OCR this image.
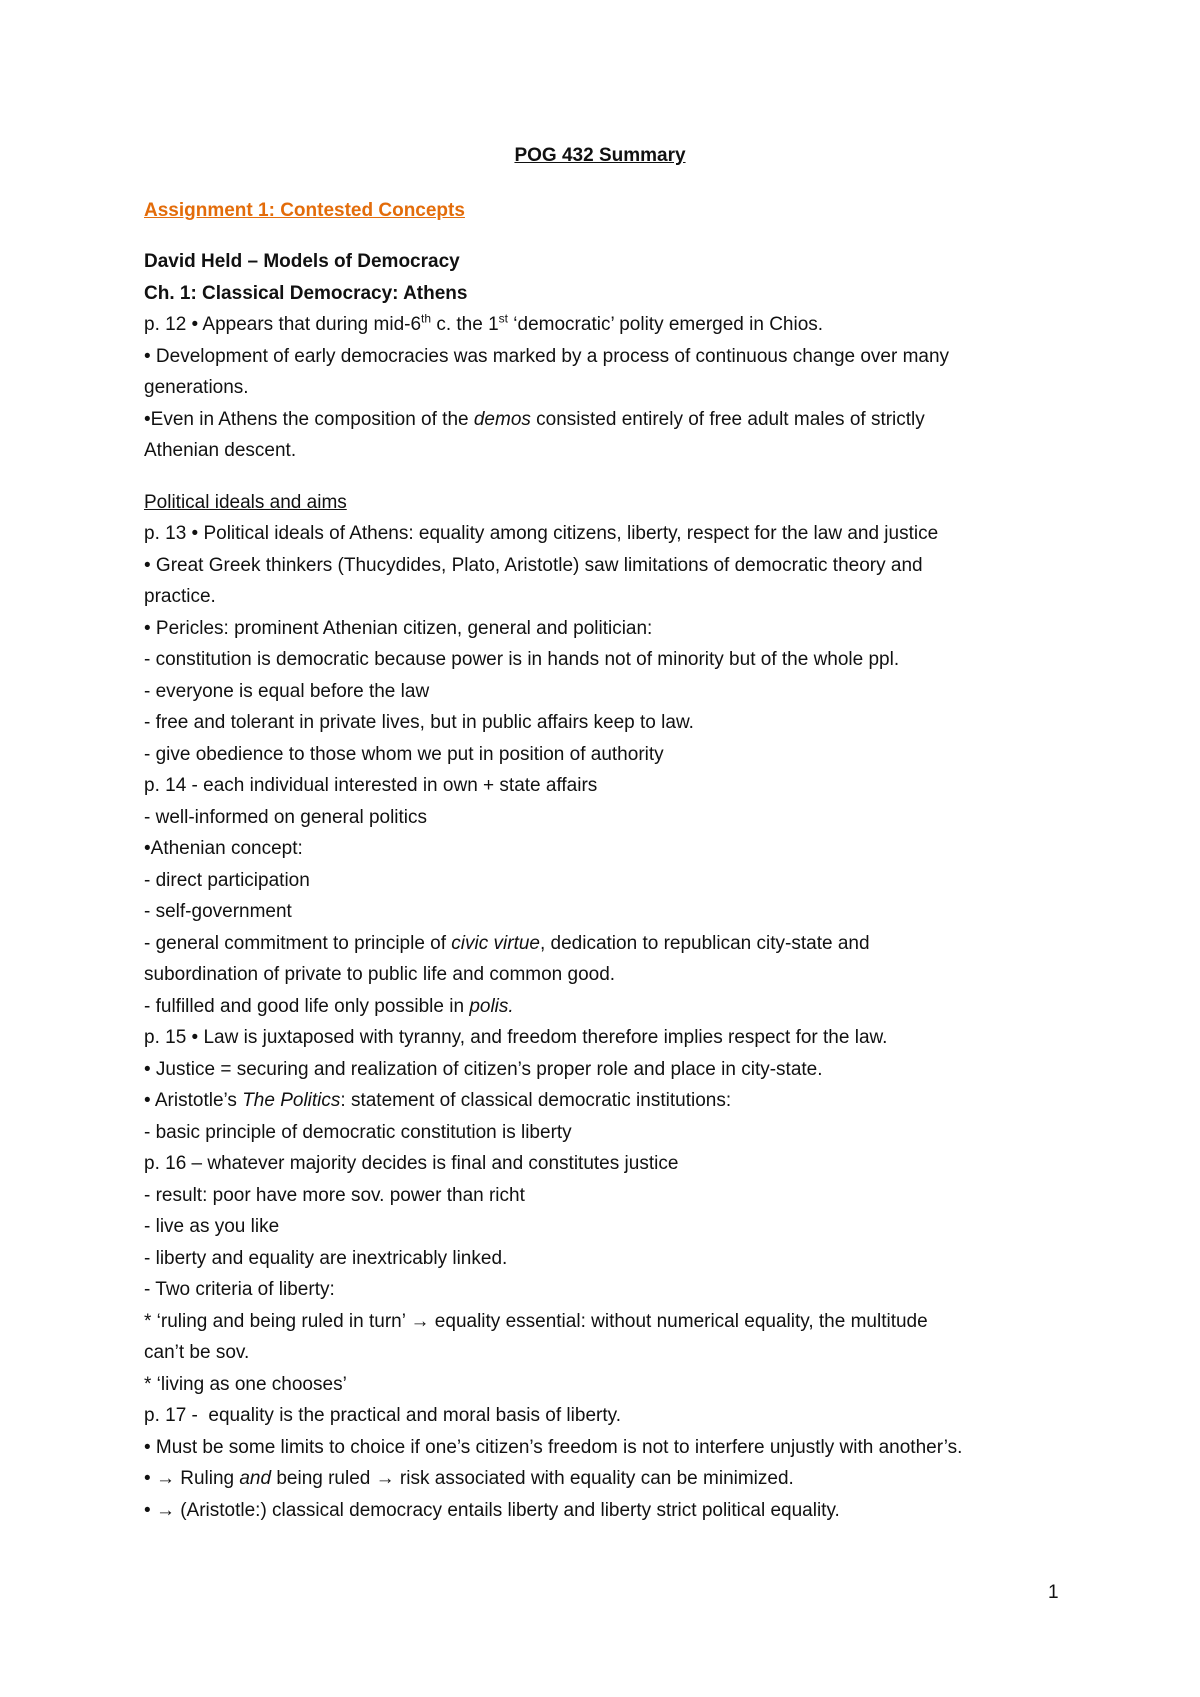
POG 432 Summary
Assignment 1: Contested Concepts
David Held – Models of Democracy
Ch. 1: Classical Democracy: Athens
p. 12 • Appears that during mid-6th c. the 1st ‘democratic’ polity emerged in Chios.
• Development of early democracies was marked by a process of continuous change over many
generations.
•Even in Athens the composition of the demos consisted entirely of free adult males of strictly
Athenian descent.
Political ideals and aims
p. 13 • Political ideals of Athens: equality among citizens, liberty, respect for the law and justice
• Great Greek thinkers (Thucydides, Plato, Aristotle) saw limitations of democratic theory and
practice.
• Pericles: prominent Athenian citizen, general and politician:
- constitution is democratic because power is in hands not of minority but of the whole ppl.
- everyone is equal before the law
- free and tolerant in private lives, but in public affairs keep to law.
- give obedience to those whom we put in position of authority
p. 14 - each individual interested in own + state affairs
- well-informed on general politics
•Athenian concept:
- direct participation
- self-government
- general commitment to principle of civic virtue, dedication to republican city-state and
subordination of private to public life and common good.
- fulfilled and good life only possible in polis.
p. 15 • Law is juxtaposed with tyranny, and freedom therefore implies respect for the law.
• Justice = securing and realization of citizen’s proper role and place in city-state.
• Aristotle’s The Politics: statement of classical democratic institutions:
- basic principle of democratic constitution is liberty
p. 16 – whatever majority decides is final and constitutes justice
- result: poor have more sov. power than richt
- live as you like
- liberty and equality are inextricably linked.
- Two criteria of liberty:
* ‘ruling and being ruled in turn’ → equality essential: without numerical equality, the multitude
can’t be sov.
* ‘living as one chooses’
p. 17 -  equality is the practical and moral basis of liberty.
• Must be some limits to choice if one’s citizen’s freedom is not to interfere unjustly with another’s.
• → Ruling and being ruled → risk associated with equality can be minimized.
• → (Aristotle:) classical democracy entails liberty and liberty strict political equality.
1
